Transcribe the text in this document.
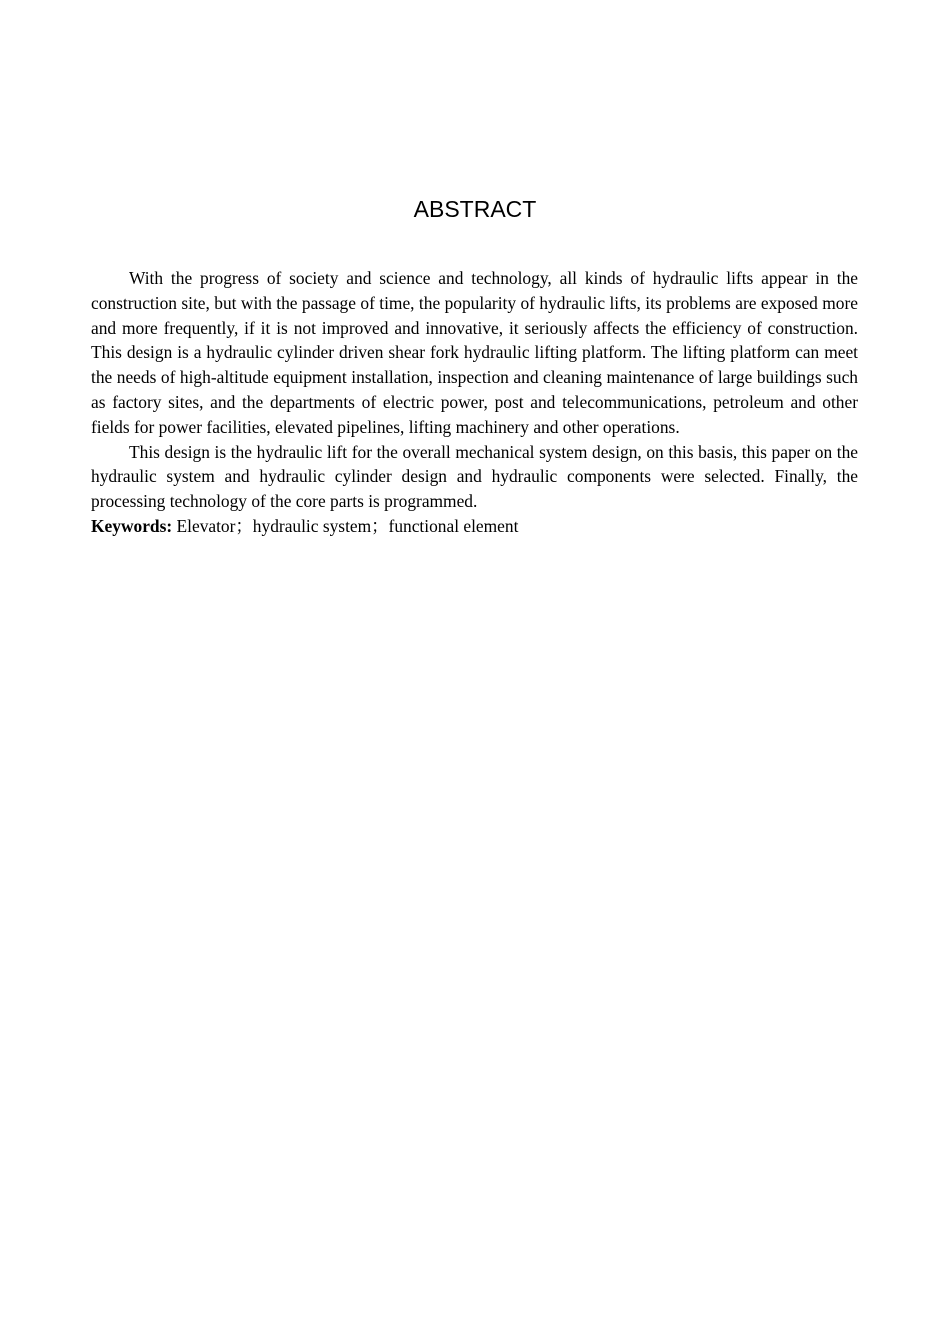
ABSTRACT

With the progress of society and science and technology, all kinds of hydraulic lifts appear in the construction site, but with the passage of time, the popularity of hydraulic lifts, its problems are exposed more and more frequently, if it is not improved and innovative, it seriously affects the efficiency of construction. This design is a hydraulic cylinder driven shear fork hydraulic lifting platform. The lifting platform can meet the needs of high-altitude equipment installation, inspection and cleaning maintenance of large buildings such as factory sites, and the departments of electric power, post and telecommunications, petroleum and other fields for power facilities, elevated pipelines, lifting machinery and other operations.

This design is the hydraulic lift for the overall mechanical system design, on this basis, this paper on the hydraulic system and hydraulic cylinder design and hydraulic components were selected. Finally, the processing technology of the core parts is programmed.

Keywords: Elevator；hydraulic system；functional element
